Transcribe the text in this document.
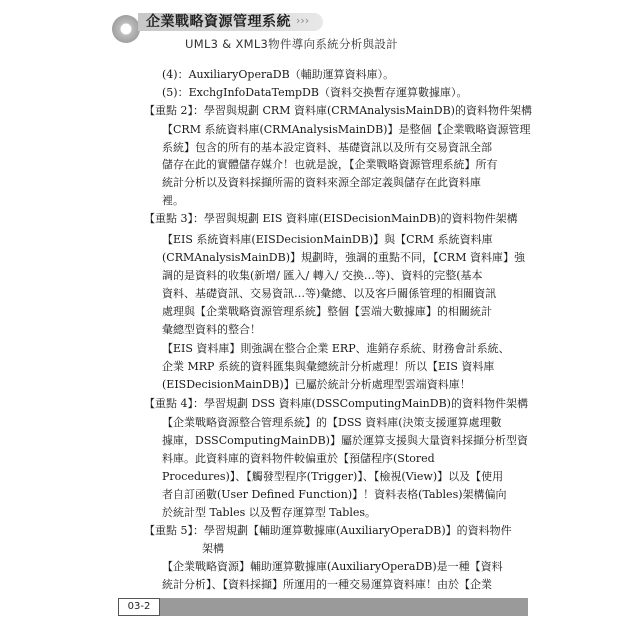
企業戰略資源管理系統 ›››
UML3 & XML3物件導向系統分析與設計
(4)：AuxiliaryOperaDB（輔助運算資料庫）。
(5)：ExchgInfoDataTempDB（資料交換暫存運算數據庫）。
【重點 2】：學習與規劃 CRM 資料庫(CRMAnalysisMainDB)的資料物件架構
【CRM 系統資料庫(CRMAnalysisMainDB)】是整個【企業戰略資源管理
系統】包含的所有的基本設定資料、基礎資訊以及所有交易資訊全部
儲存在此的實體儲存媒介！也就是說，【企業戰略資源管理系統】所有
統計分析以及資料採擷所需的資料來源全部定義與儲存在此資料庫
裡。
【重點 3】：學習與規劃 EIS 資料庫(EISDecisionMainDB)的資料物件架構
【EIS 系統資料庫(EISDecisionMainDB)】與【CRM 系統資料庫
(CRMAnalysisMainDB)】規劃時，強調的重點不同，【CRM 資料庫】強
調的是資料的收集(新增/ 匯入/ 轉入/ 交換…等)、資料的完整(基本
資料、基礎資訊、交易資訊…等)彙總、以及客戶關係管理的相關資訊
處理與【企業戰略資源管理系統】整個【雲端大數據庫】的相關統計
彙總型資料的整合！
【EIS 資料庫】則強調在整合企業 ERP、進銷存系統、財務會計系統、
企業 MRP 系統的資料匯集與彙總統計分析處理！所以【EIS 資料庫
(EISDecisionMainDB)】已屬於統計分析處理型雲端資料庫！
【重點 4】：學習規劃 DSS 資料庫(DSSComputingMainDB)的資料物件架構
【企業戰略資源整合管理系統】的【DSS 資料庫(決策支援運算處理數
據庫，DSSComputingMainDB)】屬於運算支援與大量資料採擷分析型資
料庫。此資料庫的資料物件較偏重於【預儲程序(Stored
Procedures)】、【觸發型程序(Trigger)】、【檢視(View)】以及【使用
者自訂函數(User Defined Function)】！資料表格(Tables)架構偏向
於統計型 Tables 以及暫存運算型 Tables。
【重點 5】：學習規劃【輔助運算數據庫(AuxiliaryOperaDB)】的資料物件
架構
【企業戰略資源】輔助運算數據庫(AuxiliaryOperaDB)是一種【資料
統計分析】、【資料採擷】所運用的一種交易運算資料庫！由於【企業
03-2
